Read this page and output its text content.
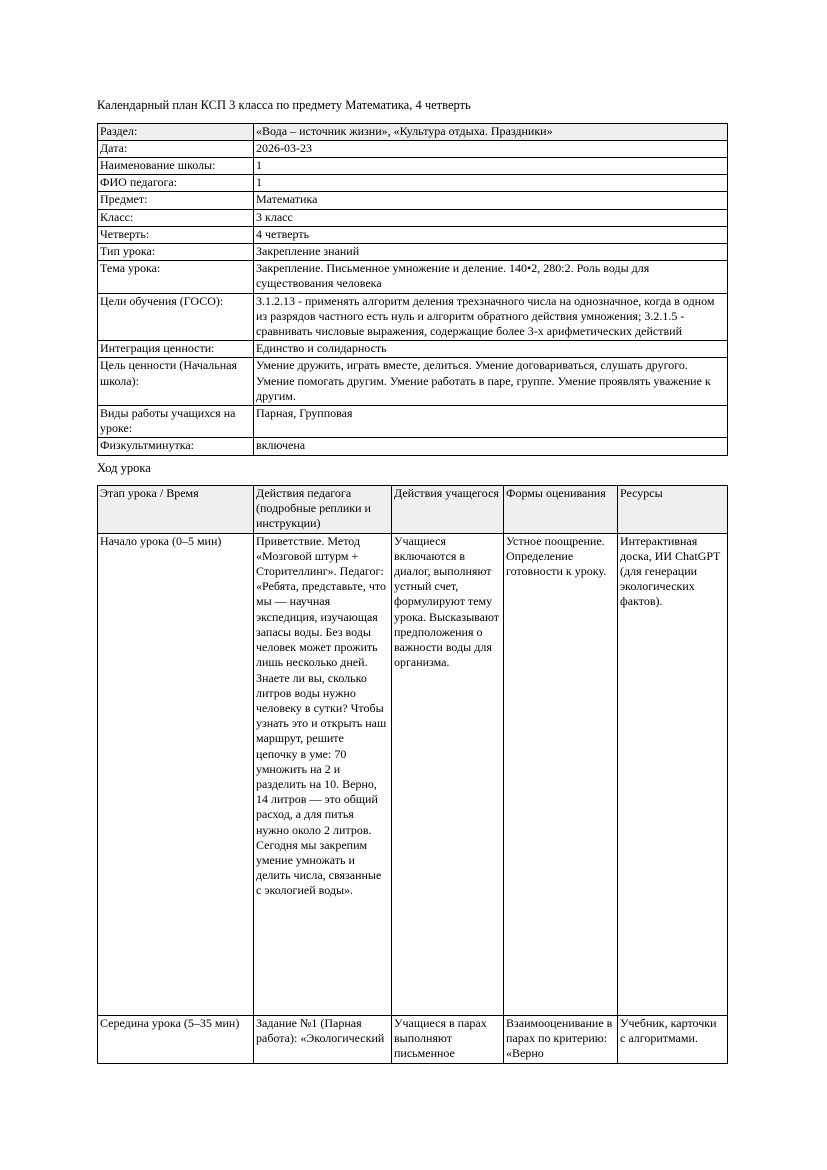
Календарный план КСП 3 класса по предмету Математика, 4 четверть

Раздел:	«Вода – источник жизни», «Культура отдыха. Праздники»
Дата:	2026-03-23
Наименование школы:	1
ФИО педагога:	1
Предмет:	Математика
Класс:	3 класс
Четверть:	4 четверть
Тип урока:	Закрепление знаний
Тема урока:	Закрепление. Письменное умножение и деление. 140•2, 280:2. Роль воды для существования человека
Цели обучения (ГОСО):	3.1.2.13 - применять алгоритм деления трехзначного числа на однозначное, когда в одном из разрядов частного есть нуль и алгоритм обратного действия умножения; 3.2.1.5 - сравнивать числовые выражения, содержащие более 3-х арифметических действий
Интеграция ценности:	Единство и солидарность
Цель ценности (Начальная школа):	Умение дружить, играть вместе, делиться. Умение договариваться, слушать другого. Умение помогать другим. Умение работать в паре, группе. Умение проявлять уважение к другим.
Виды работы учащихся на уроке:	Парная, Групповая
Физкультминутка:	включена

Ход урока

Этап урока / Время	Действия педагога (подробные реплики и инструкции)	Действия учащегося	Формы оценивания	Ресурсы

Начало урока (0–5 мин)	Приветствие. Метод «Мозговой штурм + Сторителлинг». Педагог: «Ребята, представьте, что мы — научная экспедиция, изучающая запасы воды. Без воды человек может прожить лишь несколько дней. Знаете ли вы, сколько литров воды нужно человеку в сутки? Чтобы узнать это и открыть наш маршрут, решите цепочку в уме: 70 умножить на 2 и разделить на 10. Верно, 14 литров — это общий расход, а для питья нужно около 2 литров. Сегодня мы закрепим умение умножать и делить числа, связанные с экологией воды».	Учащиеся включаются в диалог, выполняют устный счет, формулируют тему урока. Высказывают предположения о важности воды для организма.	Устное поощрение. Определение готовности к уроку.	Интерактивная доска, ИИ ChatGPT (для генерации экологических фактов).

Середина урока (5–35 мин)	Задание №1 (Парная работа): «Экологический	Учащиеся в парах выполняют письменное	Взаимооценивание в парах по критерию: «Верно	Учебник, карточки с алгоритмами.
